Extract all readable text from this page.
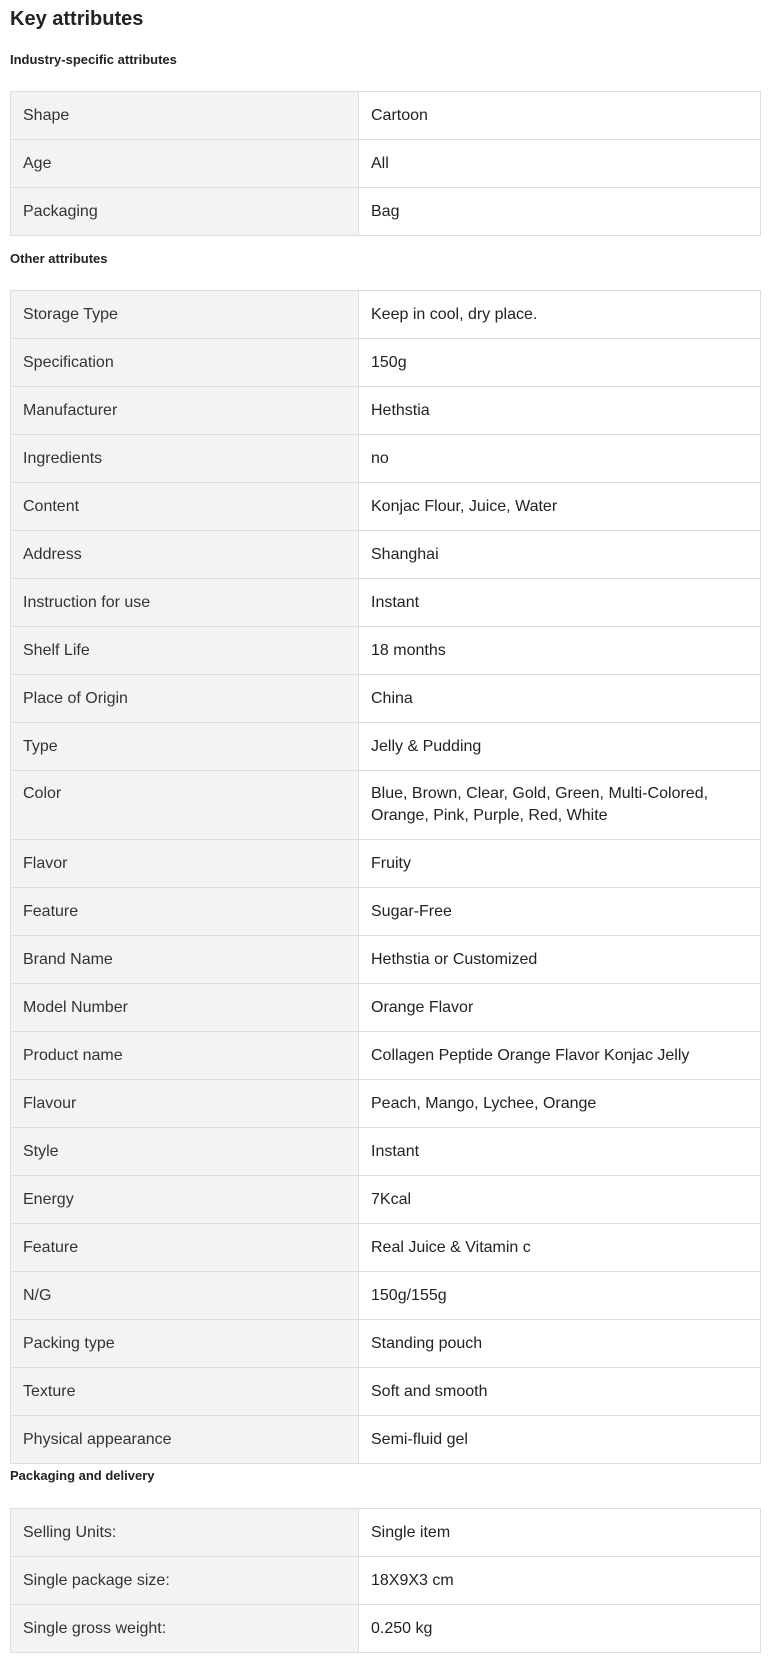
Key attributes
Industry-specific attributes
Shape	Cartoon
Age	All
Packaging	Bag
Other attributes
Storage Type	Keep in cool, dry place.
Specification	150g
Manufacturer	Hethstia
Ingredients	no
Content	Konjac Flour, Juice, Water
Address	Shanghai
Instruction for use	Instant
Shelf Life	18 months
Place of Origin	China
Type	Jelly & Pudding
Color	Blue, Brown, Clear, Gold, Green, Multi-Colored, Orange, Pink, Purple, Red, White
Flavor	Fruity
Feature	Sugar-Free
Brand Name	Hethstia or Customized
Model Number	Orange Flavor
Product name	Collagen Peptide Orange Flavor Konjac Jelly
Flavour	Peach, Mango, Lychee, Orange
Style	Instant
Energy	7Kcal
Feature	Real Juice & Vitamin c
N/G	150g/155g
Packing type	Standing pouch
Texture	Soft and smooth
Physical appearance	Semi-fluid gel
Packaging and delivery
Selling Units:	Single item
Single package size:	18X9X3 cm
Single gross weight:	0.250 kg
